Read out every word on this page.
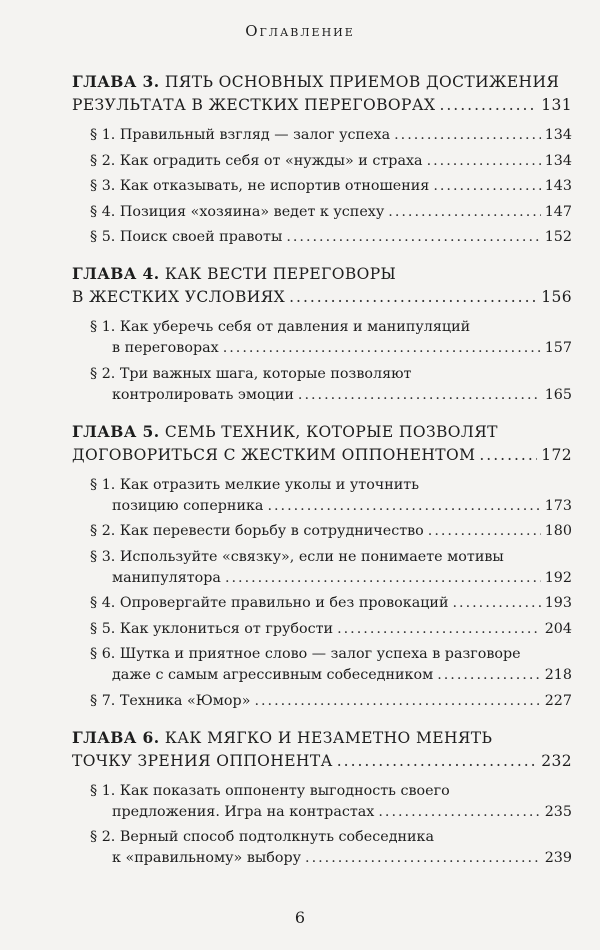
Оглавление
ГЛАВА 3. ПЯТЬ ОСНОВНЫХ ПРИЕМОВ ДОСТИЖЕНИЯ
РЕЗУЛЬТАТА В ЖЕСТКИХ ПЕРЕГОВОРАХ .....	131
§ 1. Правильный взгляд — залог успеха .....	134
§ 2. Как оградить себя от «нужды» и страха .....	134
§ 3. Как отказывать, не испортив отношения .....	143
§ 4. Позиция «хозяина» ведет к успеху .....	147
§ 5. Поиск своей правоты .....	152
ГЛАВА 4. КАК ВЕСТИ ПЕРЕГОВОРЫ
В ЖЕСТКИХ УСЛОВИЯХ .....	156
§ 1. Как уберечь себя от давления и манипуляций
в переговорах .....	157
§ 2. Три важных шага, которые позволяют
контролировать эмоции .....	165
ГЛАВА 5. СЕМЬ ТЕХНИК, КОТОРЫЕ ПОЗВОЛЯТ
ДОГОВОРИТЬСЯ С ЖЕСТКИМ ОППОНЕНТОМ .....	172
§ 1. Как отразить мелкие уколы и уточнить
позицию соперника .....	173
§ 2. Как перевести борьбу в сотрудничество .....	180
§ 3. Используйте «связку», если не понимаете мотивы
манипулятора .....	192
§ 4. Опровергайте правильно и без провокаций .....	193
§ 5. Как уклониться от грубости .....	204
§ 6. Шутка и приятное слово — залог успеха в разговоре
даже с самым агрессивным собеседником .....	218
§ 7. Техника «Юмор» .....	227
ГЛАВА 6. КАК МЯГКО И НЕЗАМЕТНО МЕНЯТЬ
ТОЧКУ ЗРЕНИЯ ОППОНЕНТА .....	232
§ 1. Как показать оппоненту выгодность своего
предложения. Игра на контрастах .....	235
§ 2. Верный способ подтолкнуть собеседника
к «правильному» выбору .....	239
6
